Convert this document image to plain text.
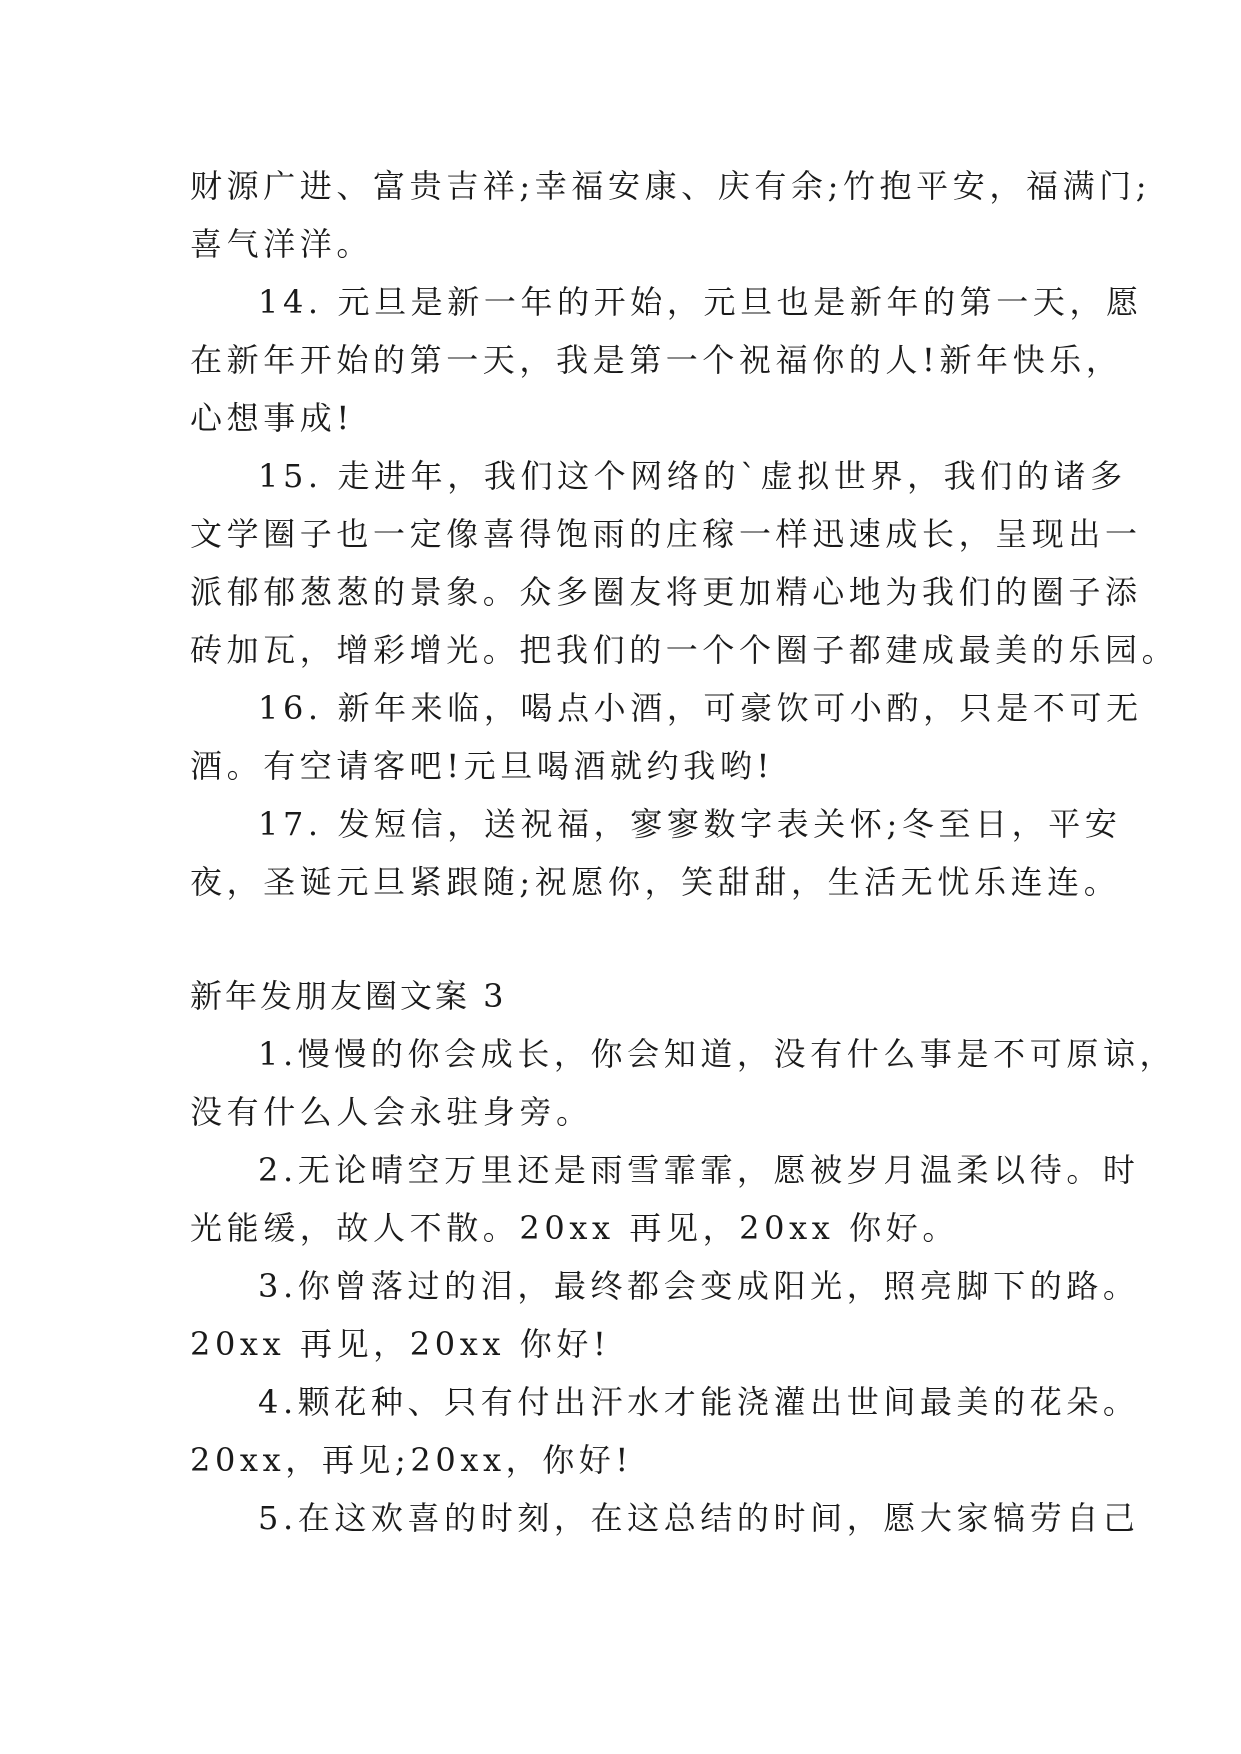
财源广进、富贵吉祥;幸福安康、庆有余;竹抱平安，福满门;
喜气洋洋。
14. 元旦是新一年的开始，元旦也是新年的第一天，愿
在新年开始的第一天，我是第一个祝福你的人!新年快乐，
心想事成!
15. 走进年，我们这个网络的`虚拟世界，我们的诸多
文学圈子也一定像喜得饱雨的庄稼一样迅速成长，呈现出一
派郁郁葱葱的景象。众多圈友将更加精心地为我们的圈子添
砖加瓦，增彩增光。把我们的一个个圈子都建成最美的乐园。
16. 新年来临，喝点小酒，可豪饮可小酌，只是不可无
酒。有空请客吧!元旦喝酒就约我哟!
17. 发短信，送祝福，寥寥数字表关怀;冬至日，平安
夜，圣诞元旦紧跟随;祝愿你，笑甜甜，生活无忧乐连连。
新年发朋友圈文案 3
1.慢慢的你会成长，你会知道，没有什么事是不可原谅，
没有什么人会永驻身旁。
2.无论晴空万里还是雨雪霏霏，愿被岁月温柔以待。时
光能缓，故人不散。20xx 再见，20xx 你好。
3.你曾落过的泪，最终都会变成阳光，照亮脚下的路。
20xx 再见，20xx 你好!
4.颗花种、只有付出汗水才能浇灌出世间最美的花朵。
20xx，再见;20xx，你好!
5.在这欢喜的时刻，在这总结的时间，愿大家犒劳自己
